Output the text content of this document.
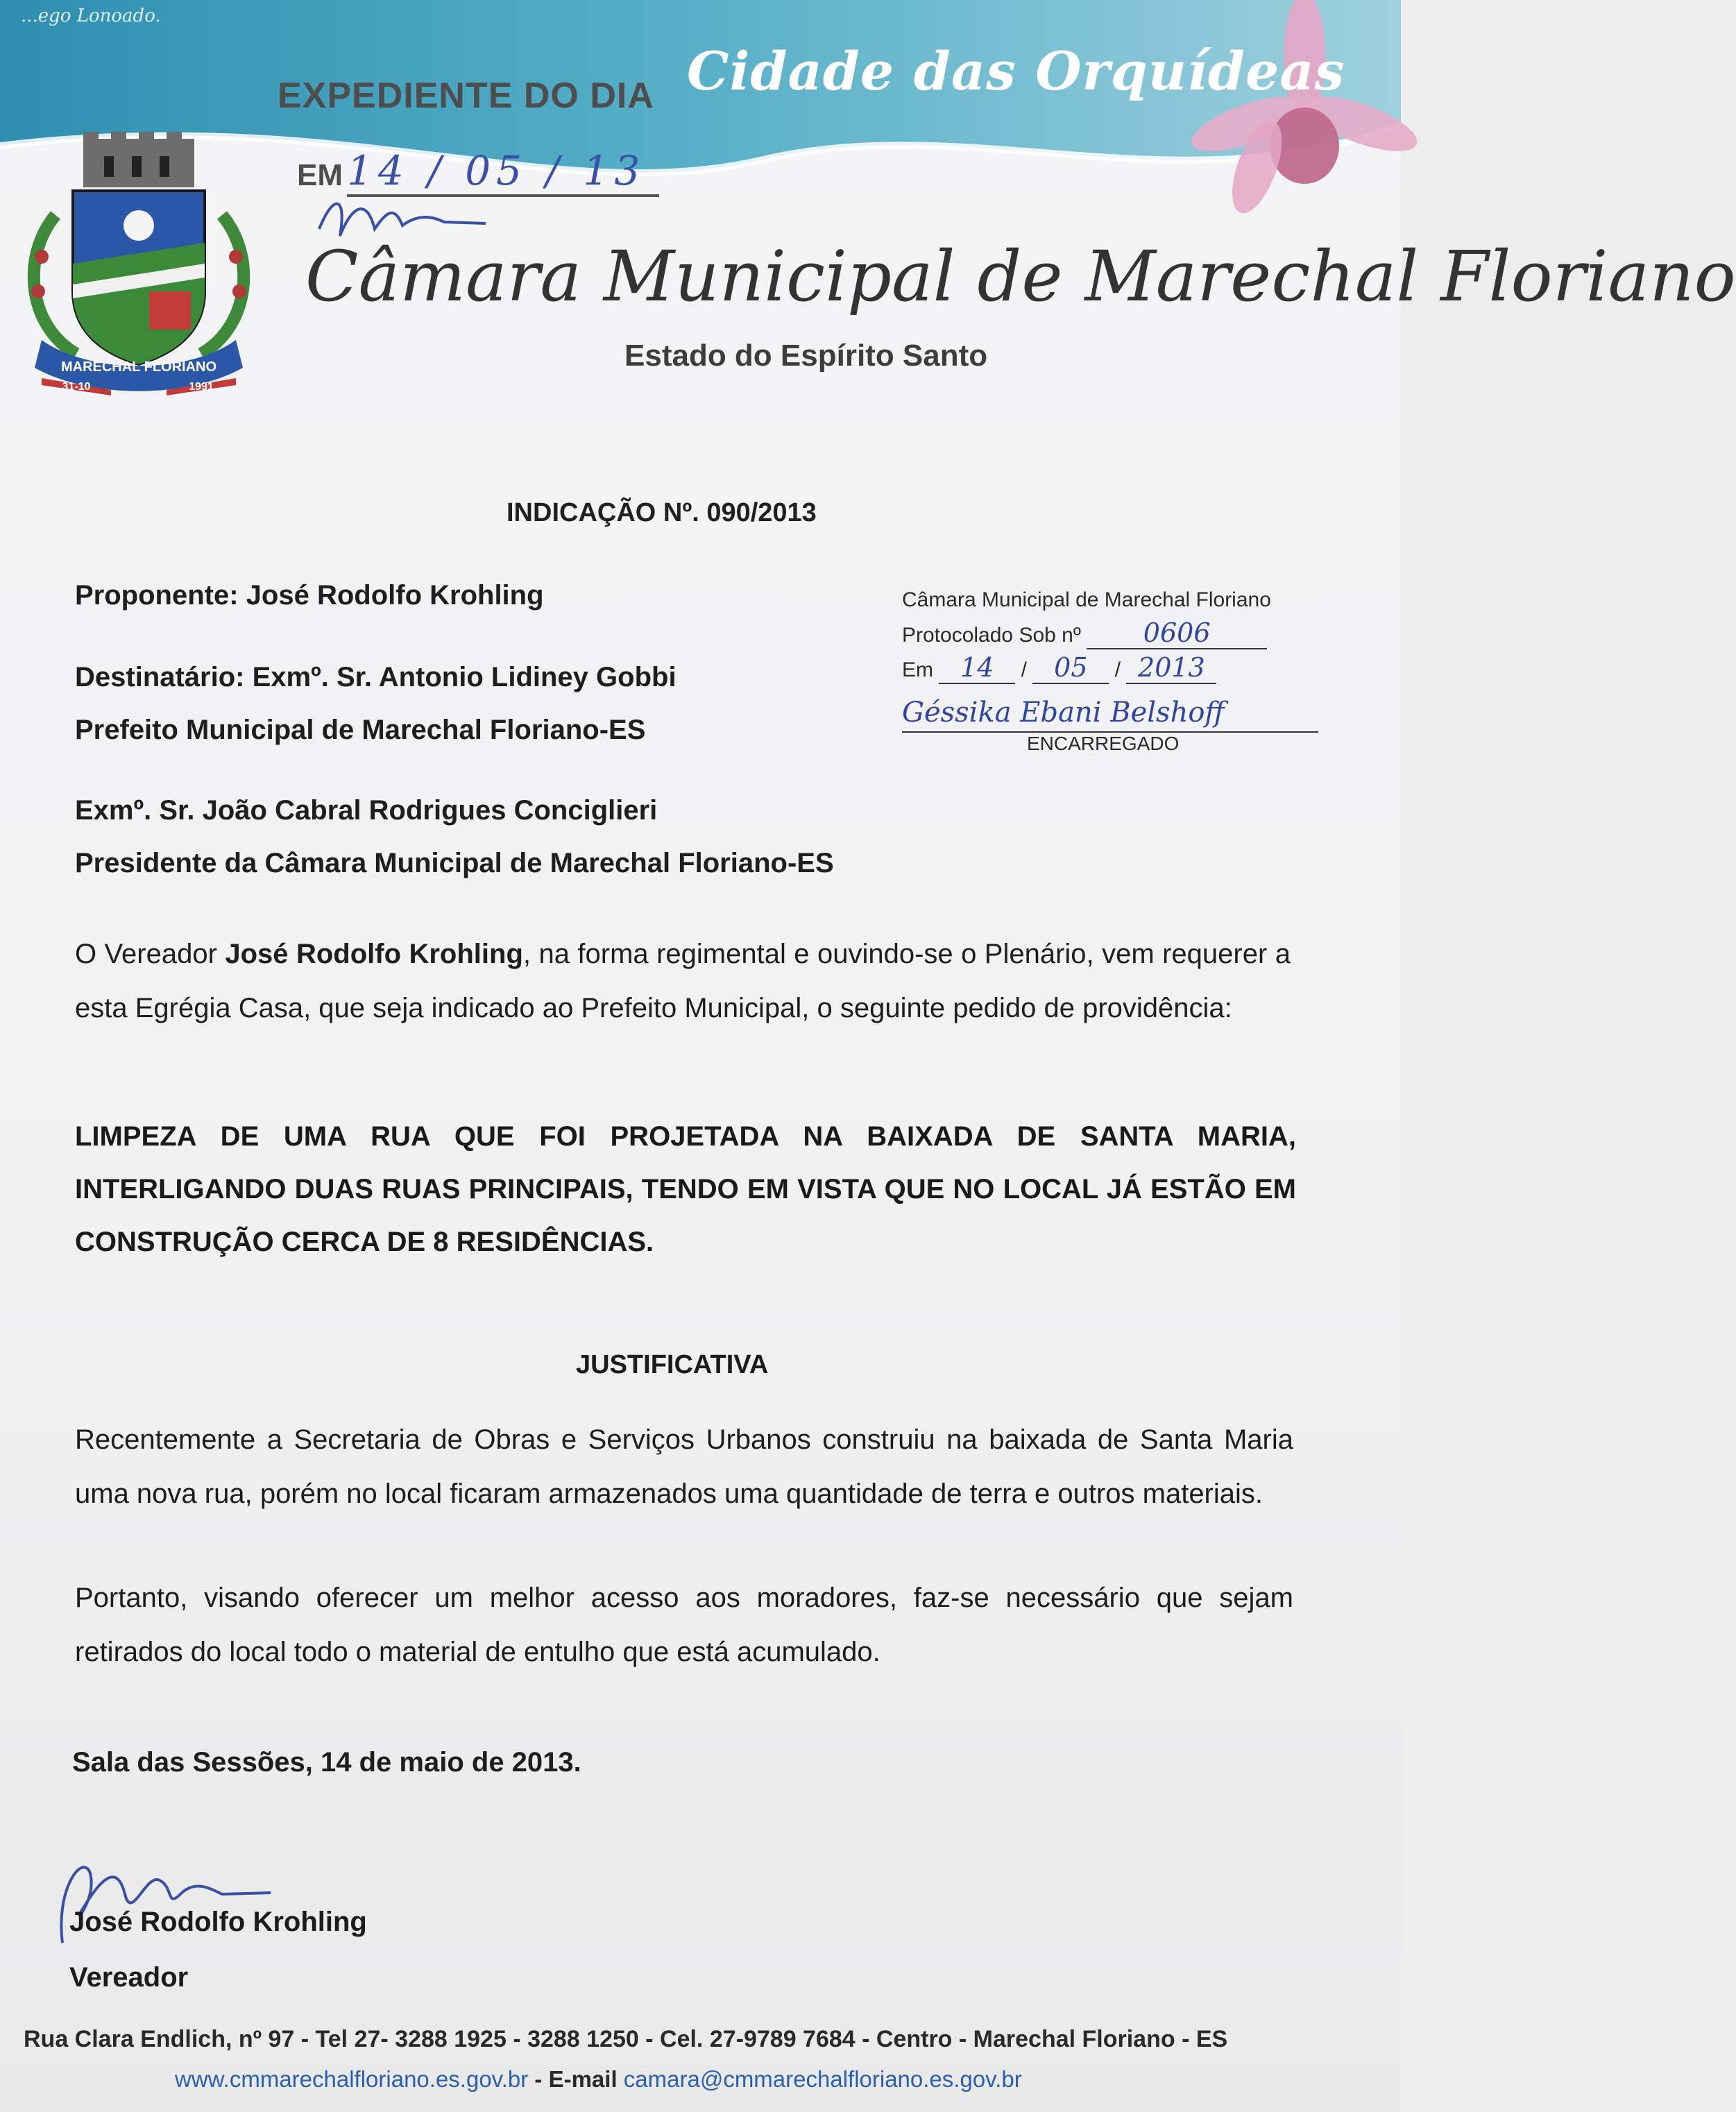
...ego Lonoado.
Cidade das Orquídeas
EXPEDIENTE DO DIA
EM 14 / 05 / 13
MARECHAL FLORIANO
31-10	1991
Câmara Municipal de Marechal Floriano
Estado do Espírito Santo
INDICAÇÃO Nº. 090/2013
Proponente: José Rodolfo Krohling
Destinatário: Exmº. Sr. Antonio Lidiney Gobbi
Prefeito Municipal de Marechal Floriano-ES
Exmº. Sr. João Cabral Rodrigues Conciglieri
Presidente da Câmara Municipal de Marechal Floriano-ES
Câmara Municipal de Marechal Floriano
Protocolado Sob nº 0606
Em 14 / 05 / 2013
Géssika Ebani Belshoff
ENCARREGADO
O Vereador José Rodolfo Krohling, na forma regimental e ouvindo-se o Plenário, vem requerer a esta Egrégia Casa, que seja indicado ao Prefeito Municipal, o seguinte pedido de providência:
LIMPEZA DE UMA RUA QUE FOI PROJETADA NA BAIXADA DE SANTA MARIA, INTERLIGANDO DUAS RUAS PRINCIPAIS, TENDO EM VISTA QUE NO LOCAL JÁ ESTÃO EM CONSTRUÇÃO CERCA DE 8 RESIDÊNCIAS.
JUSTIFICATIVA
Recentemente a Secretaria de Obras e Serviços Urbanos construiu na baixada de Santa Maria uma nova rua, porém no local ficaram armazenados uma quantidade de terra e outros materiais.
Portanto, visando oferecer um melhor acesso aos moradores, faz-se necessário que sejam retirados do local todo o material de entulho que está acumulado.
Sala das Sessões, 14 de maio de 2013.
José Rodolfo Krohling
Vereador
Rua Clara Endlich, nº 97 - Tel 27- 3288 1925 - 3288 1250 - Cel. 27-9789 7684 - Centro - Marechal Floriano - ES
www.cmmarechalfloriano.es.gov.br - E-mail camara@cmmarechalfloriano.es.gov.br
